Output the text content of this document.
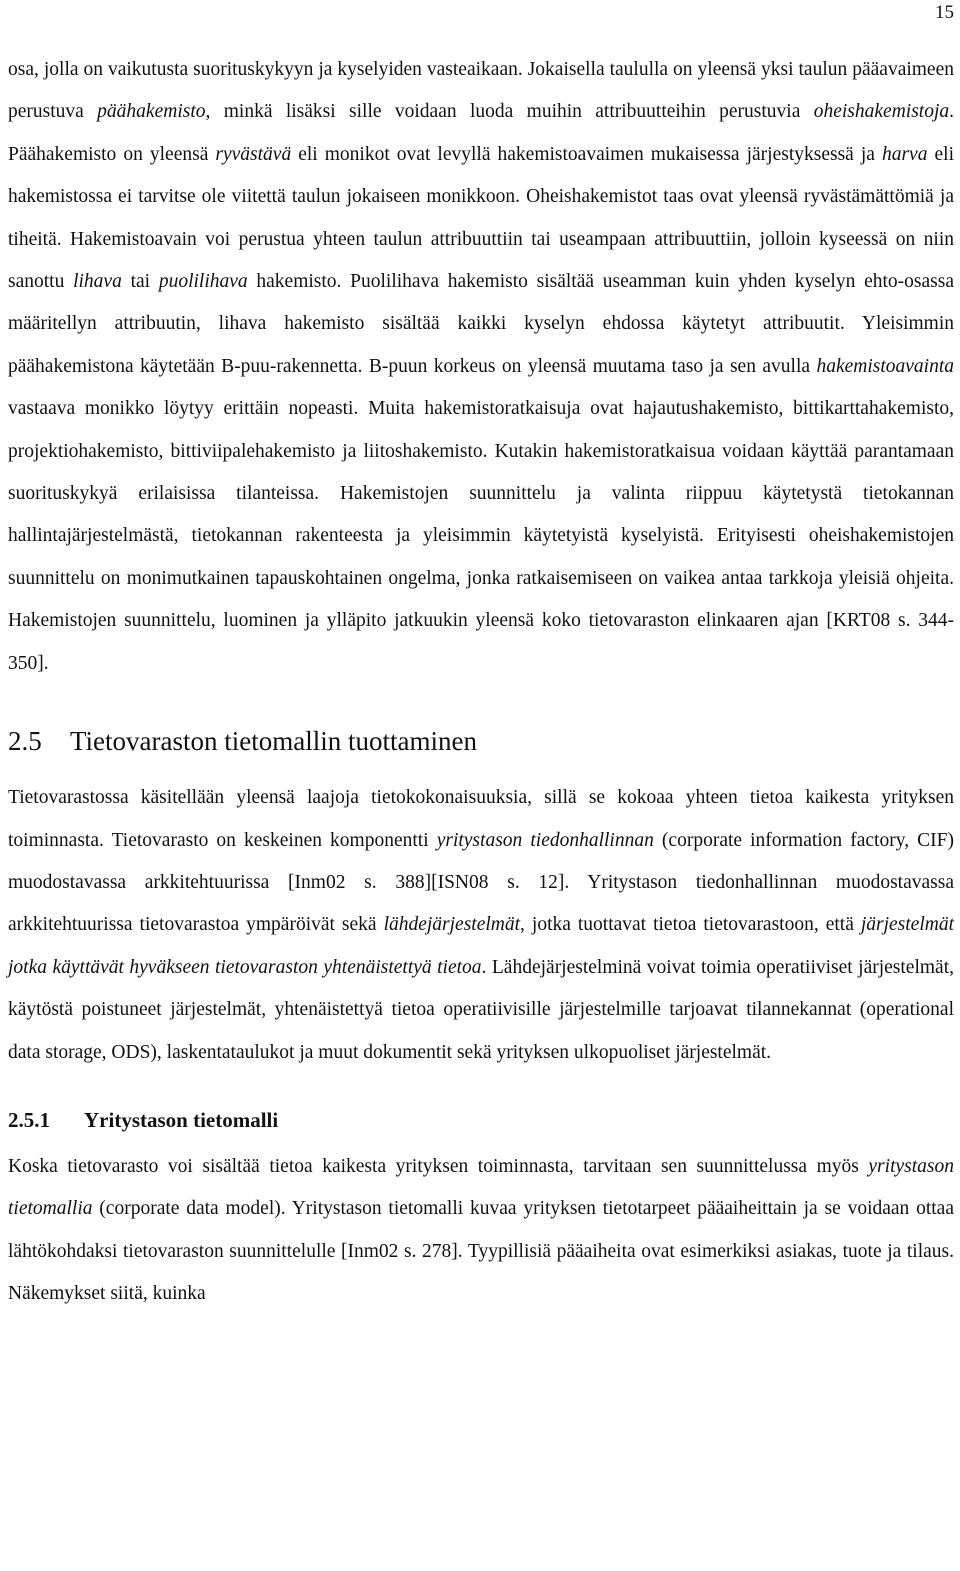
15

osa, jolla on vaikutusta suorituskykyyn ja kyselyiden vasteaikaan. Jokaisella taululla on yleensä yksi taulun pääavaimeen perustuva päähakemisto, minkä lisäksi sille voidaan luoda muihin attribuutteihin perustuvia oheishakemistoja. Päähakemisto on yleensä ryvästävä eli monikot ovat levyllä hakemistoavaimen mukaisessa järjestyksessä ja harva eli hakemistossa ei tarvitse ole viitettä taulun jokaiseen monikkoon. Oheishakemistot taas ovat yleensä ryvästämättömiä ja tiheitä. Hakemistoavain voi perustua yhteen taulun attribuuttiin tai useampaan attribuuttiin, jolloin kyseessä on niin sanottu lihava tai puolilihava hakemisto. Puolilihava hakemisto sisältää useamman kuin yhden kyselyn ehto-osassa määritellyn attribuutin, lihava hakemisto sisältää kaikki kyselyn ehdossa käytetyt attribuutit. Yleisimmin päähakemistona käytetään B-puu-rakennetta. B-puun korkeus on yleensä muutama taso ja sen avulla hakemistoavainta vastaava monikko löytyy erittäin nopeasti. Muita hakemistoratkaisuja ovat hajautushakemisto, bittikarttahakemisto, projektiohakemisto, bittiviipalehakemisto ja liitoshakemisto. Kutakin hakemistoratkaisua voidaan käyttää parantamaan suorituskykyä erilaisissa tilanteissa. Hakemistojen suunnittelu ja valinta riippuu käytetystä tietokannan hallintajärjestelmästä, tietokannan rakenteesta ja yleisimmin käytetyistä kyselyistä. Erityisesti oheishakemistojen suunnittelu on monimutkainen tapauskohtainen ongelma, jonka ratkaisemiseen on vaikea antaa tarkkoja yleisiä ohjeita. Hakemistojen suunnittelu, luominen ja ylläpito jatkuukin yleensä koko tietovaraston elinkaaren ajan [KRT08 s. 344-350].

2.5 Tietovaraston tietomallin tuottaminen

Tietovarastossa käsitellään yleensä laajoja tietokokonaisuuksia, sillä se kokoaa yhteen tietoa kaikesta yrityksen toiminnasta. Tietovarasto on keskeinen komponentti yritystason tiedonhallinnan (corporate information factory, CIF) muodostavassa arkkitehtuurissa [Inm02 s. 388][ISN08 s. 12]. Yritystason tiedonhallinnan muodostavassa arkkitehtuurissa tietovarastoa ympäröivät sekä lähdejärjestelmät, jotka tuottavat tietoa tietovarastoon, että järjestelmät jotka käyttävät hyväkseen tietovaraston yhtenäistettyä tietoa. Lähdejärjestelminä voivat toimia operatiiviset järjestelmät, käytöstä poistuneet järjestelmät, yhtenäistettyä tietoa operatiivisille järjestelmille tarjoavat tilannekannat (operational data storage, ODS), laskentataulukot ja muut dokumentit sekä yrityksen ulkopuoliset järjestelmät.

2.5.1 Yritystason tietomalli

Koska tietovarasto voi sisältää tietoa kaikesta yrityksen toiminnasta, tarvitaan sen suunnittelussa myös yritystason tietomallia (corporate data model). Yritystason tietomalli kuvaa yrityksen tietotarpeet pääaiheittain ja se voidaan ottaa lähtökohdaksi tietovaraston suunnittelulle [Inm02 s. 278]. Tyypillisiä pääaiheita ovat esimerkiksi asiakas, tuote ja tilaus. Näkemykset siitä, kuinka
